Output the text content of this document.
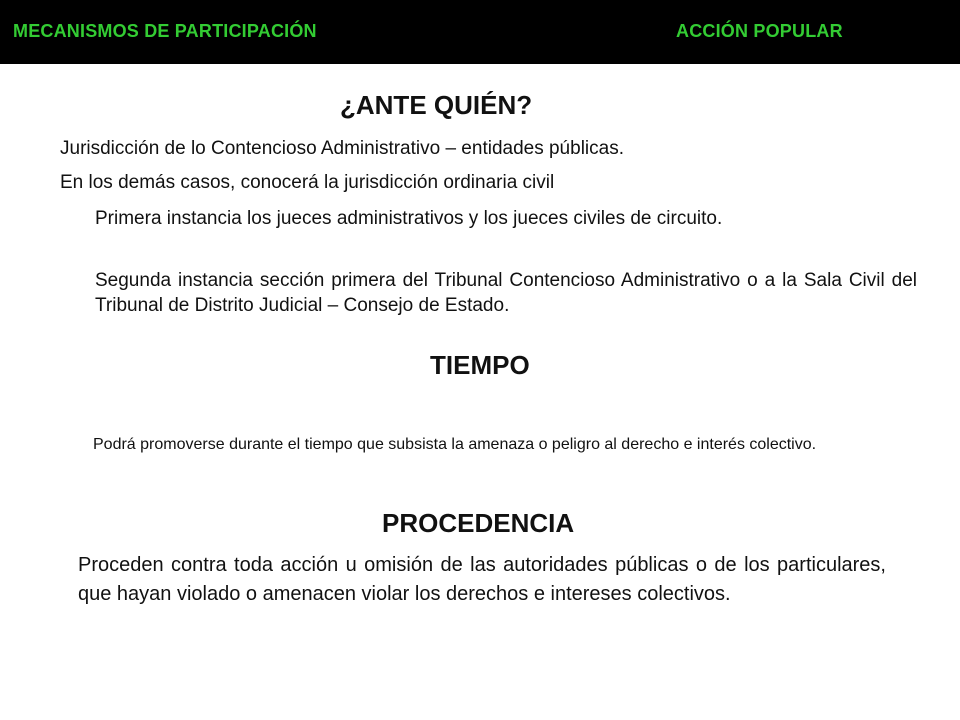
MECANISMOS DE PARTICIPACIÓN	ACCIÓN POPULAR
¿ANTE QUIÉN?
Jurisdicción de lo Contencioso Administrativo – entidades públicas.
En los demás casos, conocerá la jurisdicción ordinaria civil
Primera instancia los jueces administrativos y los jueces civiles de circuito.
Segunda instancia sección primera del Tribunal Contencioso Administrativo o a la Sala Civil del Tribunal de Distrito Judicial – Consejo de Estado.
TIEMPO
Podrá promoverse durante el tiempo que subsista la amenaza o peligro al derecho e interés colectivo.
PROCEDENCIA
Proceden contra toda acción u omisión de las autoridades públicas o de los particulares, que hayan violado o amenacen violar los derechos e intereses colectivos.
